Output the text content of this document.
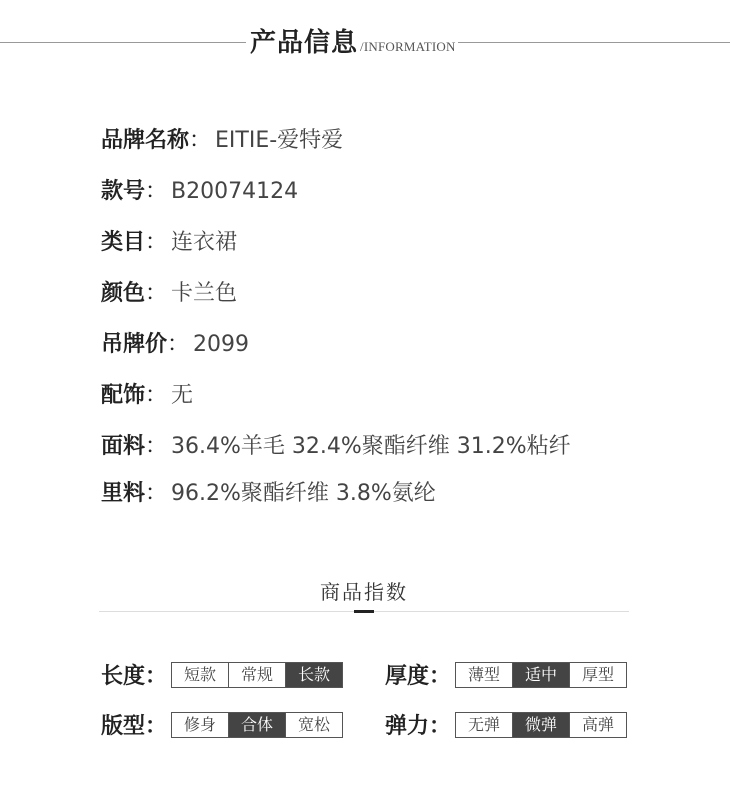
产品信息 /INFORMATION
品牌名称： EITIE-爱特爱
款号： B20074124
类目： 连衣裙
颜色： 卡兰色
吊牌价： 2099
配饰： 无
面料： 36.4%羊毛 32.4%聚酯纤维 31.2%粘纤
里料： 96.2%聚酯纤维 3.8%氨纶
商品指数
长度：	短款	常规	长款	厚度：	薄型	适中	厚型
版型：	修身	合体	宽松	弹力：	无弹	微弹	高弹
